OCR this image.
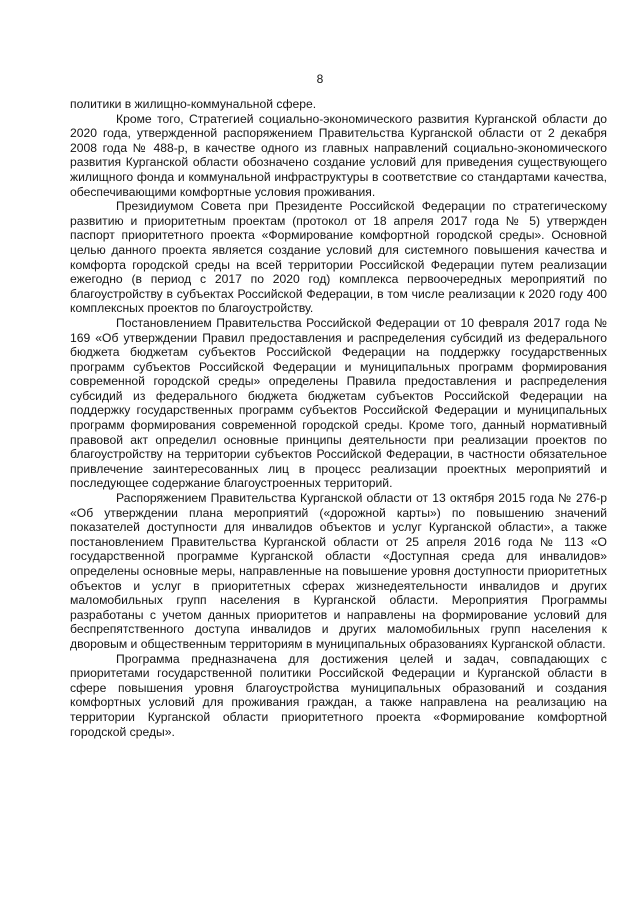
8

политики в жилищно-коммунальной сфере.

Кроме того, Стратегией социально-экономического развития Курганской области до 2020 года, утвержденной распоряжением Правительства Курганской области от 2 декабря 2008 года № 488-р, в качестве одного из главных направлений социально-экономического развития Курганской области обозначено создание условий для приведения существующего жилищного фонда и коммунальной инфраструктуры в соответствие со стандартами качества, обеспечивающими комфортные условия проживания.

Президиумом Совета при Президенте Российской Федерации по стратегическому развитию и приоритетным проектам (протокол от 18 апреля 2017 года № 5) утвержден паспорт приоритетного проекта «Формирование комфортной городской среды». Основной целью данного проекта является создание условий для системного повышения качества и комфорта городской среды на всей территории Российской Федерации путем реализации ежегодно (в период с 2017 по 2020 год) комплекса первоочередных мероприятий по благоустройству в субъектах Российской Федерации, в том числе реализации к 2020 году 400 комплексных проектов по благоустройству.

Постановлением Правительства Российской Федерации от 10 февраля 2017 года № 169 «Об утверждении Правил предоставления и распределения субсидий из федерального бюджета бюджетам субъектов Российской Федерации на поддержку государственных программ субъектов Российской Федерации и муниципальных программ формирования современной городской среды» определены Правила предоставления и распределения субсидий из федерального бюджета бюджетам субъектов Российской Федерации на поддержку государственных программ субъектов Российской Федерации и муниципальных программ формирования современной городской среды. Кроме того, данный нормативный правовой акт определил основные принципы деятельности при реализации проектов по благоустройству на территории субъектов Российской Федерации, в частности обязательное привлечение заинтересованных лиц в процесс реализации проектных мероприятий и последующее содержание благоустроенных территорий.

Распоряжением Правительства Курганской области от 13 октября 2015 года № 276-р «Об утверждении плана мероприятий («дорожной карты») по повышению значений показателей доступности для инвалидов объектов и услуг Курганской области», а также постановлением Правительства Курганской области от 25 апреля 2016 года № 113 «О государственной программе Курганской области «Доступная среда для инвалидов» определены основные меры, направленные на повышение уровня доступности приоритетных объектов и услуг в приоритетных сферах жизнедеятельности инвалидов и других маломобильных групп населения в Курганской области. Мероприятия Программы разработаны с учетом данных приоритетов и направлены на формирование условий для беспрепятственного доступа инвалидов и других маломобильных групп населения к дворовым и общественным территориям в муниципальных образованиях Курганской области.

Программа предназначена для достижения целей и задач, совпадающих с приоритетами государственной политики Российской Федерации и Курганской области в сфере повышения уровня благоустройства муниципальных образований и создания комфортных условий для проживания граждан, а также направлена на реализацию на территории Курганской области приоритетного проекта «Формирование комфортной городской среды».
